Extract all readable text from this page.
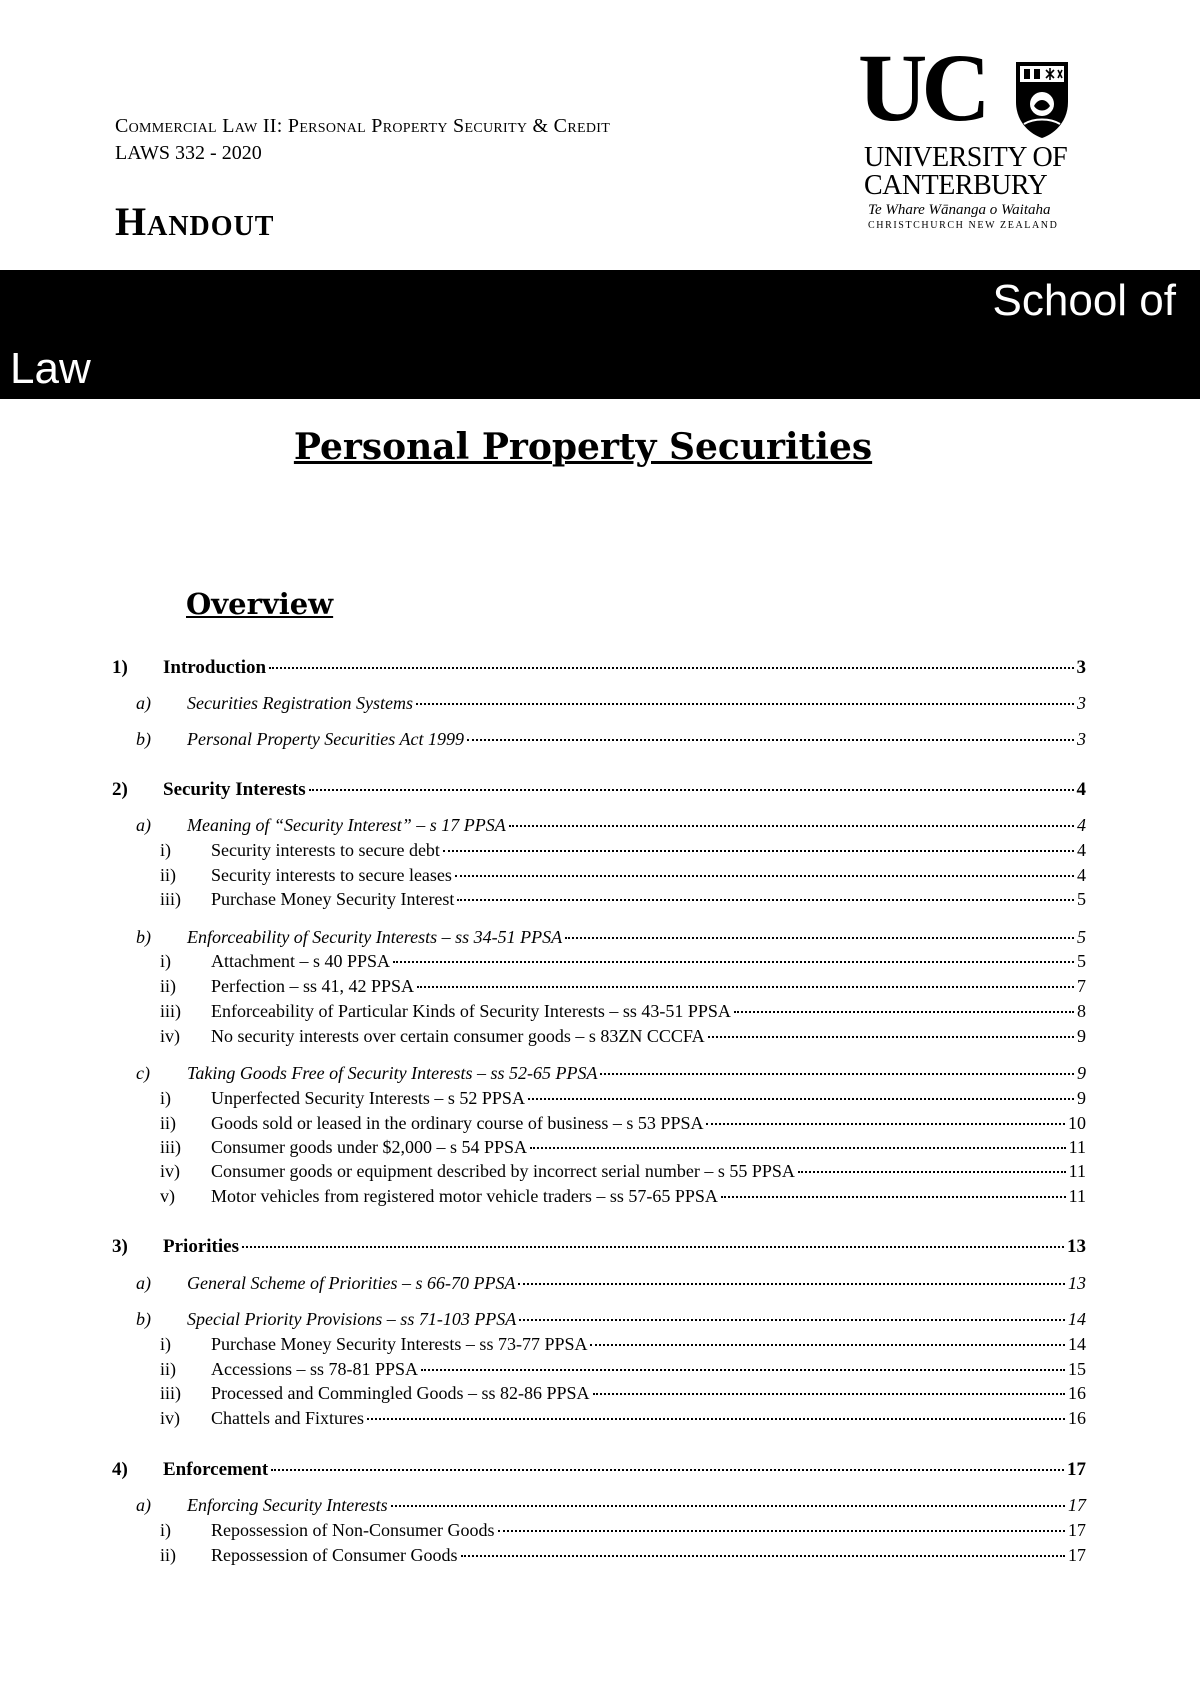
Commercial Law II: Personal Property Security & Credit
LAWS 332 - 2020
Handout
UC
UNIVERSITY OF
CANTERBURY
Te Whare Wānanga o Waitaha
CHRISTCHURCH NEW ZEALAND
School of
Law
Personal Property Securities
Overview
1)	Introduction	3
a)	Securities Registration Systems	3
b)	Personal Property Securities Act 1999	3
2)	Security Interests	4
a)	Meaning of “Security Interest” – s 17 PPSA	4
i)	Security interests to secure debt	4
ii)	Security interests to secure leases	4
iii)	Purchase Money Security Interest	5
b)	Enforceability of Security Interests – ss 34-51 PPSA	5
i)	Attachment – s 40 PPSA	5
ii)	Perfection – ss 41, 42 PPSA	7
iii)	Enforceability of Particular Kinds of Security Interests – ss 43-51 PPSA	8
iv)	No security interests over certain consumer goods – s 83ZN CCCFA	9
c)	Taking Goods Free of Security Interests – ss 52-65 PPSA	9
i)	Unperfected Security Interests – s 52 PPSA	9
ii)	Goods sold or leased in the ordinary course of business – s 53 PPSA	10
iii)	Consumer goods under $2,000 – s 54 PPSA	11
iv)	Consumer goods or equipment described by incorrect serial number – s 55 PPSA	11
v)	Motor vehicles from registered motor vehicle traders – ss 57-65 PPSA	11
3)	Priorities	13
a)	General Scheme of Priorities – s 66-70 PPSA	13
b)	Special Priority Provisions – ss 71-103 PPSA	14
i)	Purchase Money Security Interests – ss 73-77 PPSA	14
ii)	Accessions – ss 78-81 PPSA	15
iii)	Processed and Commingled Goods – ss 82-86 PPSA	16
iv)	Chattels and Fixtures	16
4)	Enforcement	17
a)	Enforcing Security Interests	17
i)	Repossession of Non-Consumer Goods	17
ii)	Repossession of Consumer Goods	17
